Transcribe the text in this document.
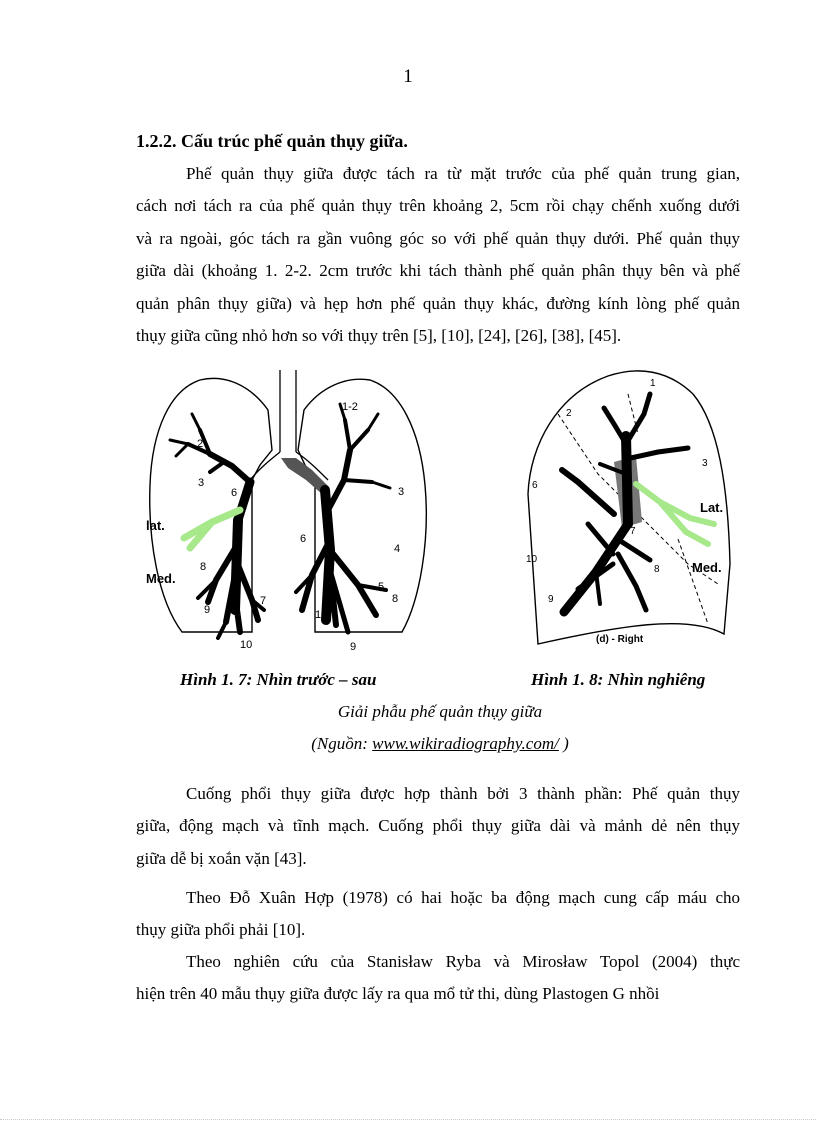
1
1.2.2. Cấu trúc phế quản thụy giữa.

Phế quản thụy giữa được tách ra từ mặt trước của phế quản trung gian,
cách nơi tách ra của phế quản thụy trên khoảng 2, 5cm rồi chạy chếnh xuống dưới
và ra ngoài, góc tách ra gần vuông góc so với phế quản thụy dưới. Phế quản thụy
giữa dài (khoảng 1. 2-2. 2cm trước khi tách thành phế quản phân thụy bên và phế
quản phân thụy giữa) và hẹp hơn phế quản thụy khác, đường kính lòng phế quản
thụy giữa cũng nhỏ hơn so với thụy trên [5], [10], [24], [26], [38], [45].

2
3
6
8
7
9
10
1-2
3
4
6
8
5
10
9
lat.
Med.
1
2
3
6
7
8
9
10
Lat.
Med.
(d) - Right
Hình 1. 7: Nhìn trước – sau	Hình 1. 8: Nhìn nghiêng
Giải phẫu phế quản thụy giữa
(Nguồn: www.wikiradiography.com/ )

Cuống phổi thụy giữa được hợp thành bởi 3 thành phần: Phế quản thụy
giữa, động mạch và tĩnh mạch. Cuống phổi thụy giữa dài và mảnh dẻ nên thụy
giữa dễ bị xoắn vặn [43].

Theo Đỗ Xuân Hợp (1978) có hai hoặc ba động mạch cung cấp máu cho
thụy giữa phổi phải [10].

Theo nghiên cứu của Stanisław Ryba và Mirosław Topol (2004) thực
hiện trên 40 mẫu thụy giữa được lấy ra qua mổ tử thi, dùng Plastogen G nhồi
